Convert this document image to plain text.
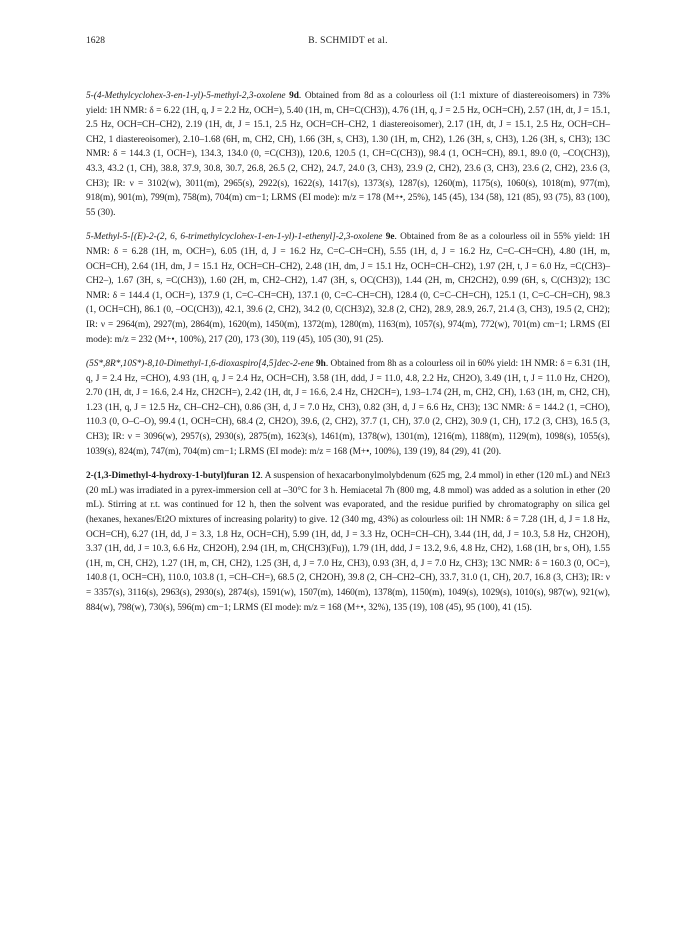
1628	B. SCHMIDT et al.

5-(4-Methylcyclohex-3-en-1-yl)-5-methyl-2,3-oxolene 9d. Obtained from 8d as a colourless oil (1:1 mixture of diastereoisomers) in 73% yield: 1H NMR: δ = 6.22 (1H, q, J = 2.2 Hz, OCH=), 5.40 (1H, m, CH=C(CH3)), 4.76 (1H, q, J = 2.5 Hz, OCH=CH), 2.57 (1H, dt, J = 15.1, 2.5 Hz, OCH=CH–CH2), 2.19 (1H, dt, J = 15.1, 2.5 Hz, OCH=CH–CH2, 1 diastereoisomer), 2.17 (1H, dt, J = 15.1, 2.5 Hz, OCH=CH–CH2, 1 diastereoisomer), 2.10–1.68 (6H, m, CH2, CH), 1.66 (3H, s, CH3), 1.30 (1H, m, CH2), 1.26 (3H, s, CH3), 1.26 (3H, s, CH3); 13C NMR: δ = 144.3 (1, OCH=), 134.3, 134.0 (0, =C(CH3)), 120.6, 120.5 (1, CH=C(CH3)), 98.4 (1, OCH=CH), 89.1, 89.0 (0, –CO(CH3)), 43.3, 43.2 (1, CH), 38.8, 37.9, 30.8, 30.7, 26.8, 26.5 (2, CH2), 24.7, 24.0 (3, CH3), 23.9 (2, CH2), 23.6 (3, CH3), 23.6 (2, CH2), 23.6 (3, CH3); IR: ν = 3102(w), 3011(m), 2965(s), 2922(s), 1622(s), 1417(s), 1373(s), 1287(s), 1260(m), 1175(s), 1060(s), 1018(m), 977(m), 918(m), 901(m), 799(m), 758(m), 704(m) cm−1; LRMS (EI mode): m/z = 178 (M+•, 25%), 145 (45), 134 (58), 121 (85), 93 (75), 83 (100), 55 (30).

5-Methyl-5-[(E)-2-(2, 6, 6-trimethylcyclohex-1-en-1-yl)-1-ethenyl]-2,3-oxolene 9e. Obtained from 8e as a colourless oil in 55% yield: 1H NMR: δ = 6.28 (1H, m, OCH=), 6.05 (1H, d, J = 16.2 Hz, C=C–CH=CH), 5.55 (1H, d, J = 16.2 Hz, C=C–CH=CH), 4.80 (1H, m, OCH=CH), 2.64 (1H, dm, J = 15.1 Hz, OCH=CH–CH2), 2.48 (1H, dm, J = 15.1 Hz, OCH=CH–CH2), 1.97 (2H, t, J = 6.0 Hz, =C(CH3)–CH2–), 1.67 (3H, s, =C(CH3)), 1.60 (2H, m, CH2–CH2), 1.47 (3H, s, OC(CH3)), 1.44 (2H, m, CH2CH2), 0.99 (6H, s, C(CH3)2); 13C NMR: δ = 144.4 (1, OCH=), 137.9 (1, C=C–CH=CH), 137.1 (0, C=C–CH=CH), 128.4 (0, C=C–CH=CH), 125.1 (1, C=C–CH=CH), 98.3 (1, OCH=CH), 86.1 (0, –OC(CH3)), 42.1, 39.6 (2, CH2), 34.2 (0, C(CH3)2), 32.8 (2, CH2), 28.9, 28.9, 26.7, 21.4 (3, CH3), 19.5 (2, CH2); IR: ν = 2964(m), 2927(m), 2864(m), 1620(m), 1450(m), 1372(m), 1280(m), 1163(m), 1057(s), 974(m), 772(w), 701(m) cm−1; LRMS (EI mode): m/z = 232 (M+•, 100%), 217 (20), 173 (30), 119 (45), 105 (30), 91 (25).

(5S*,8R*,10S*)-8,10-Dimethyl-1,6-dioxaspiro[4,5]dec-2-ene 9h. Obtained from 8h as a colourless oil in 60% yield: 1H NMR: δ = 6.31 (1H, q, J = 2.4 Hz, =CHO), 4.93 (1H, q, J = 2.4 Hz, OCH=CH), 3.58 (1H, ddd, J = 11.0, 4.8, 2.2 Hz, CH2O), 3.49 (1H, t, J = 11.0 Hz, CH2O), 2.70 (1H, dt, J = 16.6, 2.4 Hz, CH2CH=), 2.42 (1H, dt, J = 16.6, 2.4 Hz, CH2CH=), 1.93–1.74 (2H, m, CH2, CH), 1.63 (1H, m, CH2, CH), 1.23 (1H, q, J = 12.5 Hz, CH–CH2–CH), 0.86 (3H, d, J = 7.0 Hz, CH3), 0.82 (3H, d, J = 6.6 Hz, CH3); 13C NMR: δ = 144.2 (1, =CHO), 110.3 (0, O–C–O), 99.4 (1, OCH=CH), 68.4 (2, CH2O), 39.6, (2, CH2), 37.7 (1, CH), 37.0 (2, CH2), 30.9 (1, CH), 17.2 (3, CH3), 16.5 (3, CH3); IR: ν = 3096(w), 2957(s), 2930(s), 2875(m), 1623(s), 1461(m), 1378(w), 1301(m), 1216(m), 1188(m), 1129(m), 1098(s), 1055(s), 1039(s), 824(m), 747(m), 704(m) cm−1; LRMS (EI mode): m/z = 168 (M+•, 100%), 139 (19), 84 (29), 41 (20).

2-(1,3-Dimethyl-4-hydroxy-1-butyl)furan 12. A suspension of hexacarbonylmolybdenum (625 mg, 2.4 mmol) in ether (120 mL) and NEt3 (20 mL) was irradiated in a pyrex-immersion cell at –30°C for 3 h. Hemiacetal 7h (800 mg, 4.8 mmol) was added as a solution in ether (20 mL). Stirring at r.t. was continued for 12 h, then the solvent was evaporated, and the residue purified by chromatography on silica gel (hexanes, hexanes/Et2O mixtures of increasing polarity) to give. 12 (340 mg, 43%) as colourless oil: 1H NMR: δ = 7.28 (1H, d, J = 1.8 Hz, OCH=CH), 6.27 (1H, dd, J = 3.3, 1.8 Hz, OCH=CH), 5.99 (1H, dd, J = 3.3 Hz, OCH=CH–CH), 3.44 (1H, dd, J = 10.3, 5.8 Hz, CH2OH), 3.37 (1H, dd, J = 10.3, 6.6 Hz, CH2OH), 2.94 (1H, m, CH(CH3)(Fu)), 1.79 (1H, ddd, J = 13.2, 9.6, 4.8 Hz, CH2), 1.68 (1H, br s, OH), 1.55 (1H, m, CH, CH2), 1.27 (1H, m, CH, CH2), 1.25 (3H, d, J = 7.0 Hz, CH3), 0.93 (3H, d, J = 7.0 Hz, CH3); 13C NMR: δ = 160.3 (0, OC=), 140.8 (1, OCH=CH), 110.0, 103.8 (1, =CH–CH=), 68.5 (2, CH2OH), 39.8 (2, CH–CH2–CH), 33.7, 31.0 (1, CH), 20.7, 16.8 (3, CH3); IR: ν = 3357(s), 3116(s), 2963(s), 2930(s), 2874(s), 1591(w), 1507(m), 1460(m), 1378(m), 1150(m), 1049(s), 1029(s), 1010(s), 987(w), 921(w), 884(w), 798(w), 730(s), 596(m) cm−1; LRMS (EI mode): m/z = 168 (M+•, 32%), 135 (19), 108 (45), 95 (100), 41 (15).
